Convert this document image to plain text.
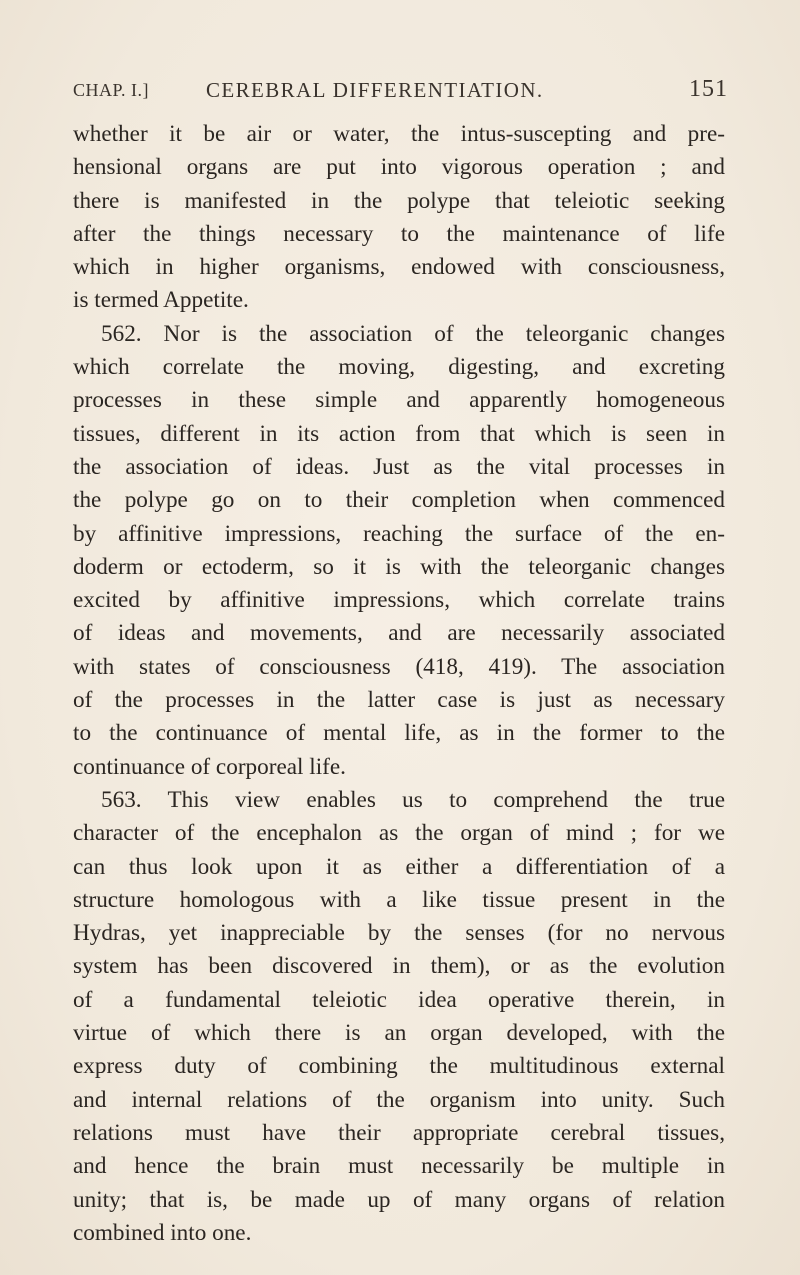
CHAP. I.]	CEREBRAL DIFFERENTIATION.	151
whether it be air or water, the intus-suscepting and pre-
hensional organs are put into vigorous operation ; and
there is manifested in the polype that teleiotic seeking
after the things necessary to the maintenance of life
which in higher organisms, endowed with consciousness,
is termed Appetite.
562. Nor is the association of the teleorganic changes
which correlate the moving, digesting, and excreting
processes in these simple and apparently homogeneous
tissues, different in its action from that which is seen in
the association of ideas. Just as the vital processes in
the polype go on to their completion when commenced
by affinitive impressions, reaching the surface of the en-
doderm or ectoderm, so it is with the teleorganic changes
excited by affinitive impressions, which correlate trains
of ideas and movements, and are necessarily associated
with states of consciousness (418, 419). The association
of the processes in the latter case is just as necessary
to the continuance of mental life, as in the former to the
continuance of corporeal life.
563. This view enables us to comprehend the true
character of the encephalon as the organ of mind ; for we
can thus look upon it as either a differentiation of a
structure homologous with a like tissue present in the
Hydras, yet inappreciable by the senses (for no nervous
system has been discovered in them), or as the evolution
of a fundamental teleiotic idea operative therein, in
virtue of which there is an organ developed, with the
express duty of combining the multitudinous external
and internal relations of the organism into unity. Such
relations must have their appropriate cerebral tissues,
and hence the brain must necessarily be multiple in
unity; that is, be made up of many organs of relation
combined into one.
